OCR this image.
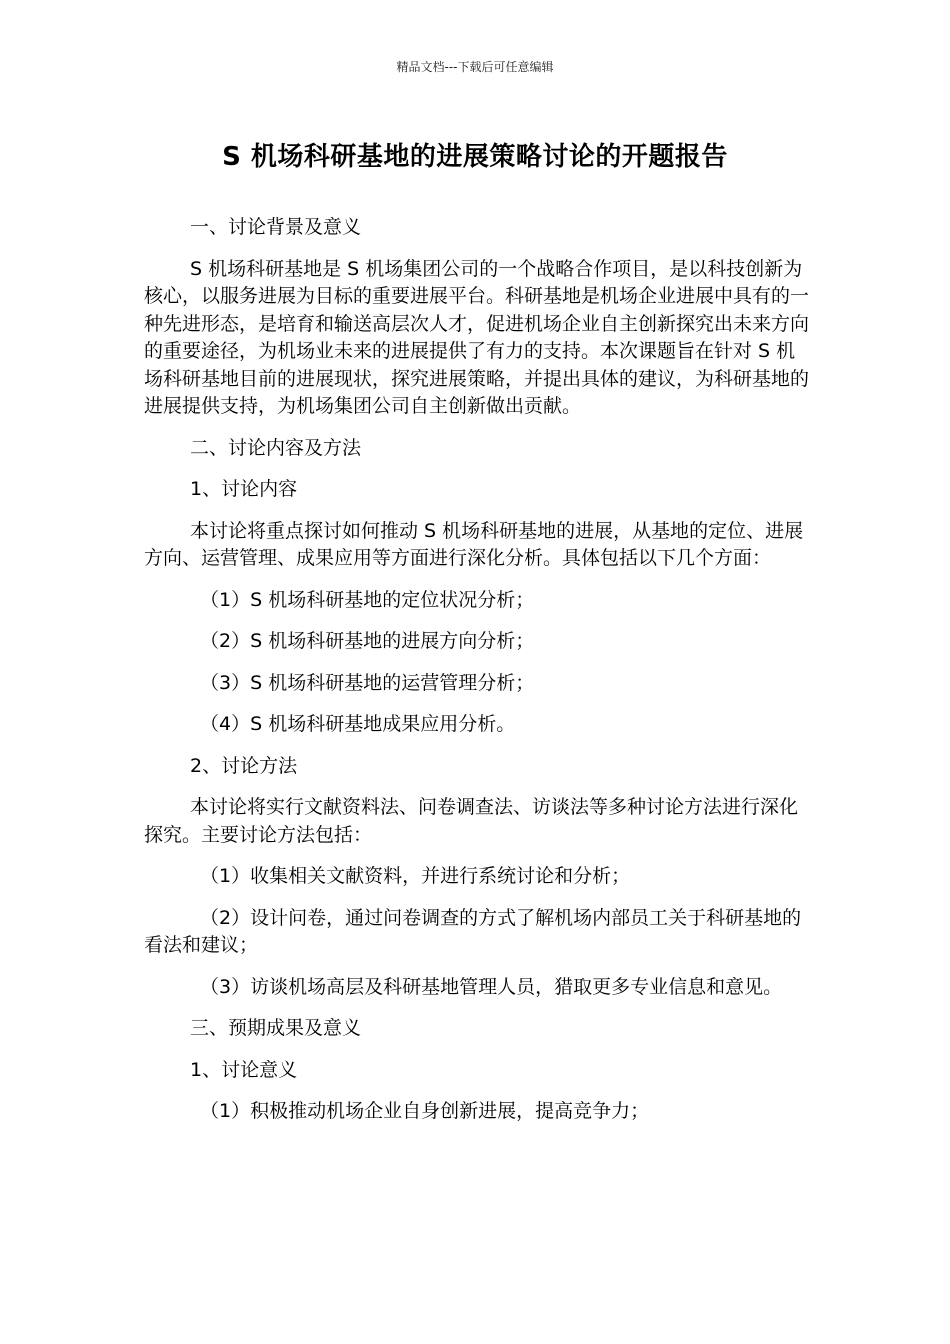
精品文档---下载后可任意编辑
S 机场科研基地的进展策略讨论的开题报告

一、讨论背景及意义

S 机场科研基地是 S 机场集团公司的一个战略合作项目，是以科技创新为核心，以服务进展为目标的重要进展平台。科研基地是机场企业进展中具有的一种先进形态，是培育和输送高层次人才，促进机场企业自主创新探究出未来方向的重要途径，为机场业未来的进展提供了有力的支持。本次课题旨在针对 S 机场科研基地目前的进展现状，探究进展策略，并提出具体的建议，为科研基地的进展提供支持，为机场集团公司自主创新做出贡献。

二、讨论内容及方法

1、讨论内容

本讨论将重点探讨如何推动 S 机场科研基地的进展，从基地的定位、进展方向、运营管理、成果应用等方面进行深化分析。具体包括以下几个方面：

（1）S 机场科研基地的定位状况分析；

（2）S 机场科研基地的进展方向分析；

（3）S 机场科研基地的运营管理分析；

（4）S 机场科研基地成果应用分析。

2、讨论方法

本讨论将实行文献资料法、问卷调查法、访谈法等多种讨论方法进行深化探究。主要讨论方法包括：

（1）收集相关文献资料，并进行系统讨论和分析；

（2）设计问卷，通过问卷调查的方式了解机场内部员工关于科研基地的看法和建议；

（3）访谈机场高层及科研基地管理人员，猎取更多专业信息和意见。

三、预期成果及意义

1、讨论意义

（1）积极推动机场企业自身创新进展，提高竞争力；
